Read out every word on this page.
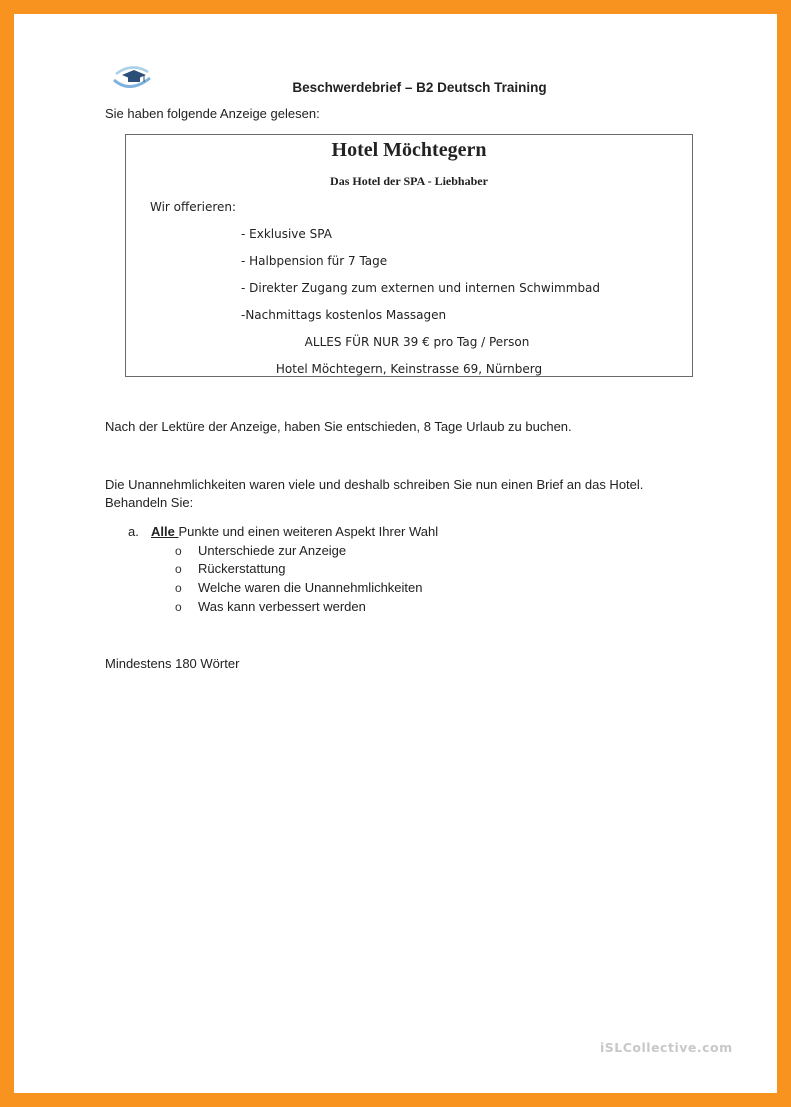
Beschwerdebrief – B2 Deutsch Training
Sie haben folgende Anzeige gelesen:
Hotel Möchtegern
Das Hotel der SPA - Liebhaber
Wir offerieren:
- Exklusive SPA
- Halbpension für 7 Tage
- Direkter Zugang zum externen und internen Schwimmbad
-Nachmittags kostenlos Massagen
ALLES FÜR NUR 39 € pro Tag / Person
Hotel Möchtegern, Keinstrasse 69, Nürnberg
Nach der Lektüre der Anzeige, haben Sie entschieden, 8 Tage Urlaub zu buchen.
Die Unannehmlichkeiten waren viele und deshalb schreiben Sie nun einen Brief an das Hotel.
Behandeln Sie:
a. Alle Punkte und einen weiteren Aspekt Ihrer Wahl
o Unterschiede zur Anzeige
o Rückerstattung
o Welche waren die Unannehmlichkeiten
o Was kann verbessert werden
Mindestens 180 Wörter
iSLCollective.com
